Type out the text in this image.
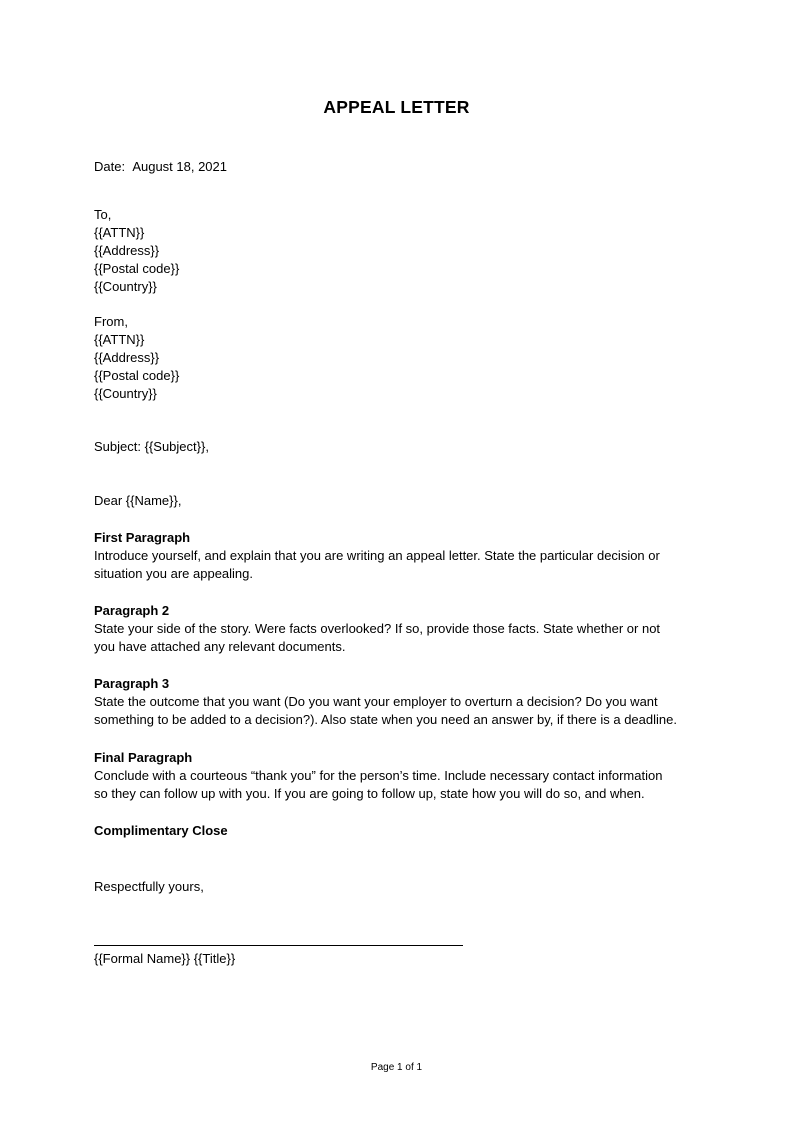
APPEAL LETTER
Date: August 18, 2021
To,
{{ATTN}}
{{Address}}
{{Postal code}}
{{Country}}
From,
{{ATTN}}
{{Address}}
{{Postal code}}
{{Country}}
Subject: {{Subject}},
Dear {{Name}},
First Paragraph
Introduce yourself, and explain that you are writing an appeal letter. State the particular decision or
situation you are appealing.
Paragraph 2
State your side of the story. Were facts overlooked? If so, provide those facts. State whether or not
you have attached any relevant documents.
Paragraph 3
State the outcome that you want (Do you want your employer to overturn a decision? Do you want
something to be added to a decision?). Also state when you need an answer by, if there is a deadline.
Final Paragraph
Conclude with a courteous “thank you” for the person’s time. Include necessary contact information
so they can follow up with you. If you are going to follow up, state how you will do so, and when.
Complimentary Close
Respectfully yours,
{{Formal Name}} {{Title}}
Page 1 of 1
